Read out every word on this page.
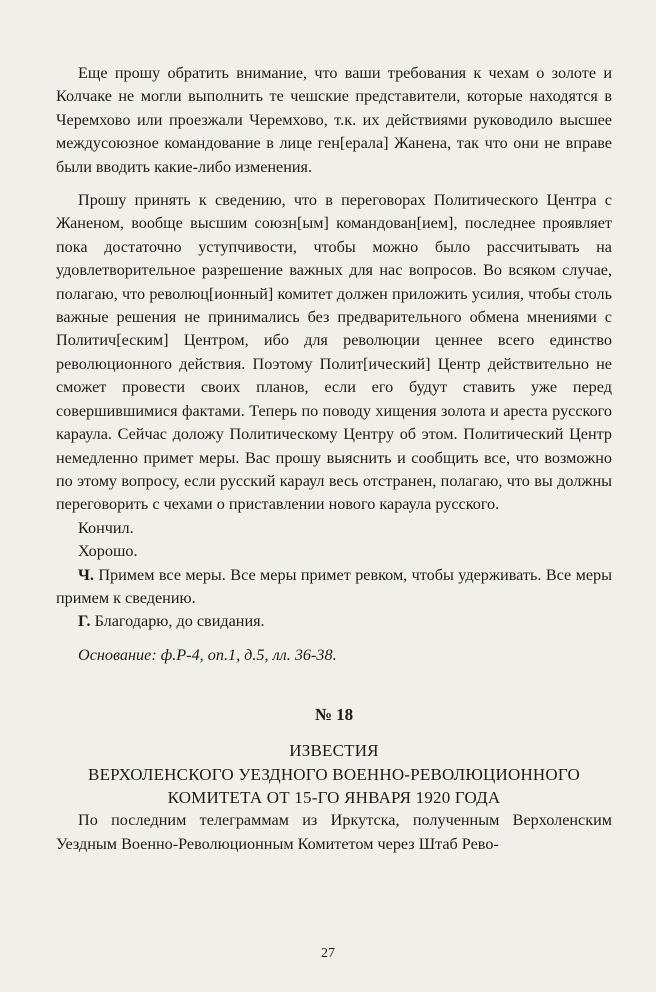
Еще прошу обратить внимание, что ваши требования к чехам о золоте и Колчаке не могли выполнить те чешские представители, которые находятся в Черемхово или проезжали Черемхово, т.к. их действиями руководило высшее междусоюзное командование в лице ген[ерала] Жанена, так что они не вправе были вводить какие-либо изменения.

Прошу принять к сведению, что в переговорах Политического Центра с Жаненом, вообще высшим союзн[ым] командован[ием], последнее проявляет пока достаточно уступчивости, чтобы можно было рассчитывать на удовлетворительное разрешение важных для нас вопросов. Во всяком случае, полагаю, что революц[ионный] комитет должен приложить усилия, чтобы столь важные решения не принимались без предварительного обмена мнениями с Политич[еским] Центром, ибо для революции ценнее всего единство революционного действия. Поэтому Полит[ический] Центр действительно не сможет провести своих планов, если его будут ставить уже перед совершившимися фактами. Теперь по поводу хищения золота и ареста русского караула. Сейчас доложу Политическому Центру об этом. Политический Центр немедленно примет меры. Вас прошу выяснить и сообщить все, что возможно по этому вопросу, если русский караул весь отстранен, полагаю, что вы должны переговорить с чехами о приставлении нового караула русского.

Кончил.

Хорошо.

Ч. Примем все меры. Все меры примет ревком, чтобы удерживать. Все меры примем к сведению.

Г. Благодарю, до свидания.

Основание: ф.Р-4, оп.1, д.5, лл. 36-38.

№ 18

ИЗВЕСТИЯ
ВЕРХОЛЕНСКОГО УЕЗДНОГО ВОЕННО-РЕВОЛЮЦИОННОГО
КОМИТЕТА ОТ 15-ГО ЯНВАРЯ 1920 ГОДА

По последним телеграммам из Иркутска, полученным Верхоленским Уездным Военно-Революционным Комитетом через Штаб Рево-

27
